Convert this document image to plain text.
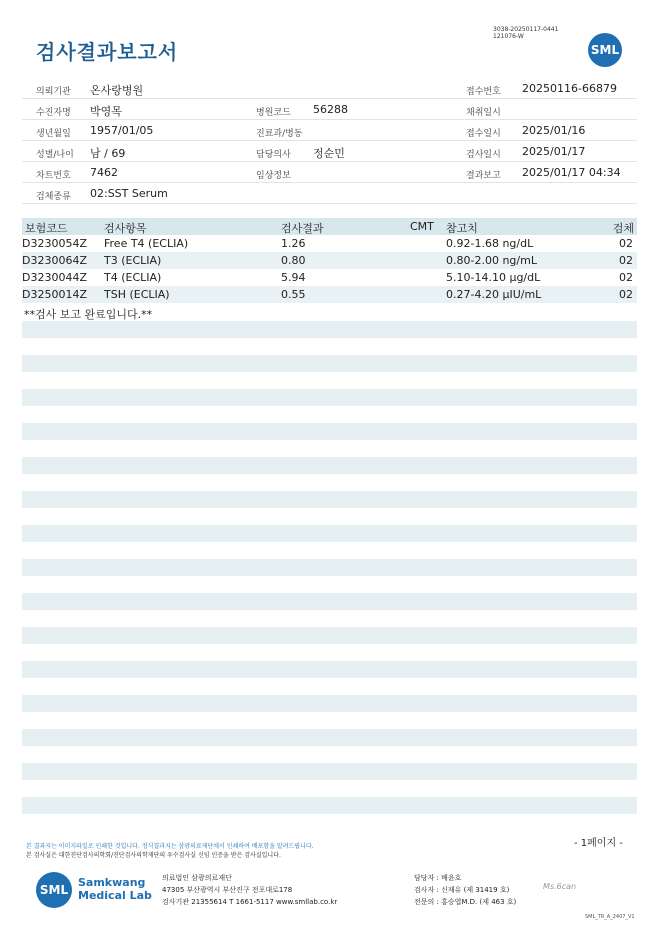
검사결과보고서
3038-20250117-0441
121076-W
SML
의뢰기관 온사랑병원	접수번호 20250116-66879
수진자명 박영목	병원코드 56288	채취일시
생년월일 1957/01/05	진료과/병동	접수일시 2025/01/16
성별/나이 남 / 69	담당의사 정순민	검사일시 2025/01/17
차트번호 7462	임상정보	결과보고 2025/01/17 04:34
검체종류 02:SST Serum
보험코드	검사항목	검사결과	CMT 참고치	검체
D3230054Z Free T4 (ECLIA)	1.26	0.92-1.68 ng/dL	02
D3230064Z T3 (ECLIA)	0.80	0.80-2.00 ng/mL	02
D3230044Z T4 (ECLIA)	5.94	5.10-14.10 µg/dL	02
D3250014Z TSH (ECLIA)	0.55	0.27-4.20 µIU/mL	02
**검사 보고 완료입니다.**
- 1페이지 -
본 결과지는 이미지파일로 인쇄한 것입니다. 정식결과지는 삼광의료재단에서 인쇄하여 배포함을 알려드립니다.
본 검사실은 대한진단검사의학회/진단검사의학재단의 우수검사실 신임 인증을 받은 검사실입니다.
SML
Samkwang
Medical Lab
의료법인 삼광의료재단
47305 부산광역시 부산진구 전포대로178
검사기관 21355614 T 1661-5117 www.smllab.co.kr
담당자 : 배윤호
검사자 : 신재유 (제 31419 호)
전문의 : 홍승엽M.D. (제 463 호)
Ms.6can
SML_TR_A_2407_V1
